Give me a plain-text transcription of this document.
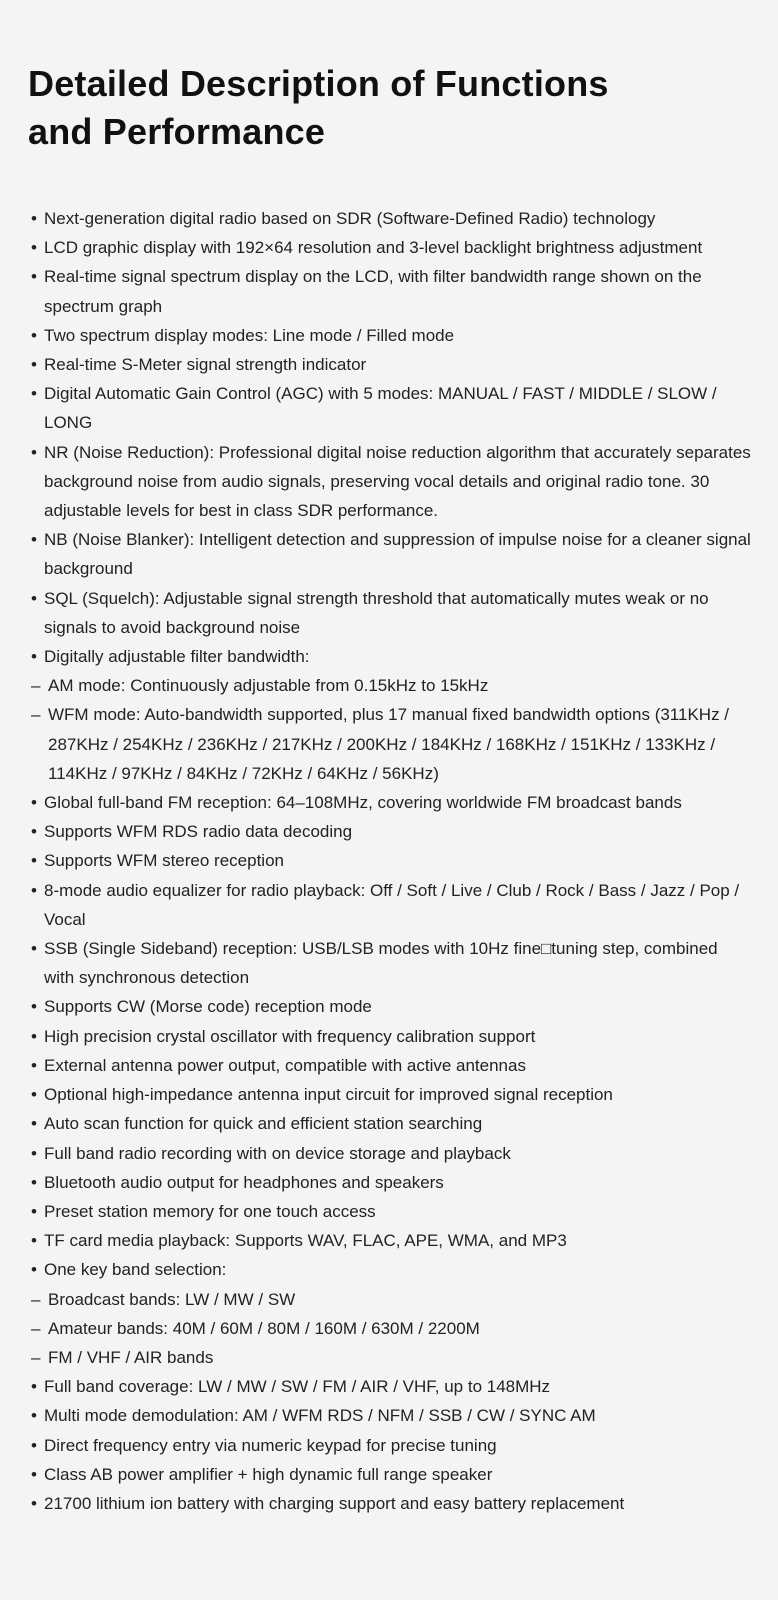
Detailed Description of Functions
and Performance
• Next-generation digital radio based on SDR (Software-Defined Radio) technology
• LCD graphic display with 192×64 resolution and 3-level backlight brightness adjustment
• Real-time signal spectrum display on the LCD, with filter bandwidth range shown on the spectrum graph
• Two spectrum display modes: Line mode / Filled mode
• Real-time S-Meter signal strength indicator
• Digital Automatic Gain Control (AGC) with 5 modes: MANUAL / FAST / MIDDLE / SLOW / LONG
• NR (Noise Reduction): Professional digital noise reduction algorithm that accurately separates background noise from audio signals, preserving vocal details and original radio tone. 30 adjustable levels for best in class SDR performance.
• NB (Noise Blanker): Intelligent detection and suppression of impulse noise for a cleaner signal background
• SQL (Squelch): Adjustable signal strength threshold that automatically mutes weak or no signals to avoid background noise
• Digitally adjustable filter bandwidth:
– AM mode: Continuously adjustable from 0.15kHz to 15kHz
– WFM mode: Auto-bandwidth supported, plus 17 manual fixed bandwidth options (311KHz / 287KHz / 254KHz / 236KHz / 217KHz / 200KHz / 184KHz / 168KHz / 151KHz / 133KHz / 114KHz / 97KHz / 84KHz / 72KHz / 64KHz / 56KHz)
• Global full-band FM reception: 64–108MHz, covering worldwide FM broadcast bands
• Supports WFM RDS radio data decoding
• Supports WFM stereo reception
• 8-mode audio equalizer for radio playback: Off / Soft / Live / Club / Rock / Bass / Jazz / Pop / Vocal
• SSB (Single Sideband) reception: USB/LSB modes with 10Hz fine□tuning step, combined with synchronous detection
• Supports CW (Morse code) reception mode
• High precision crystal oscillator with frequency calibration support
• External antenna power output, compatible with active antennas
• Optional high-impedance antenna input circuit for improved signal reception
• Auto scan function for quick and efficient station searching
• Full band radio recording with on device storage and playback
• Bluetooth audio output for headphones and speakers
• Preset station memory for one touch access
• TF card media playback: Supports WAV, FLAC, APE, WMA, and MP3
• One key band selection:
– Broadcast bands: LW / MW / SW
– Amateur bands: 40M / 60M / 80M / 160M / 630M / 2200M
– FM / VHF / AIR bands
• Full band coverage: LW / MW / SW / FM / AIR / VHF, up to 148MHz
• Multi mode demodulation: AM / WFM RDS / NFM / SSB / CW / SYNC AM
• Direct frequency entry via numeric keypad for precise tuning
• Class AB power amplifier + high dynamic full range speaker
• 21700 lithium ion battery with charging support and easy battery replacement
